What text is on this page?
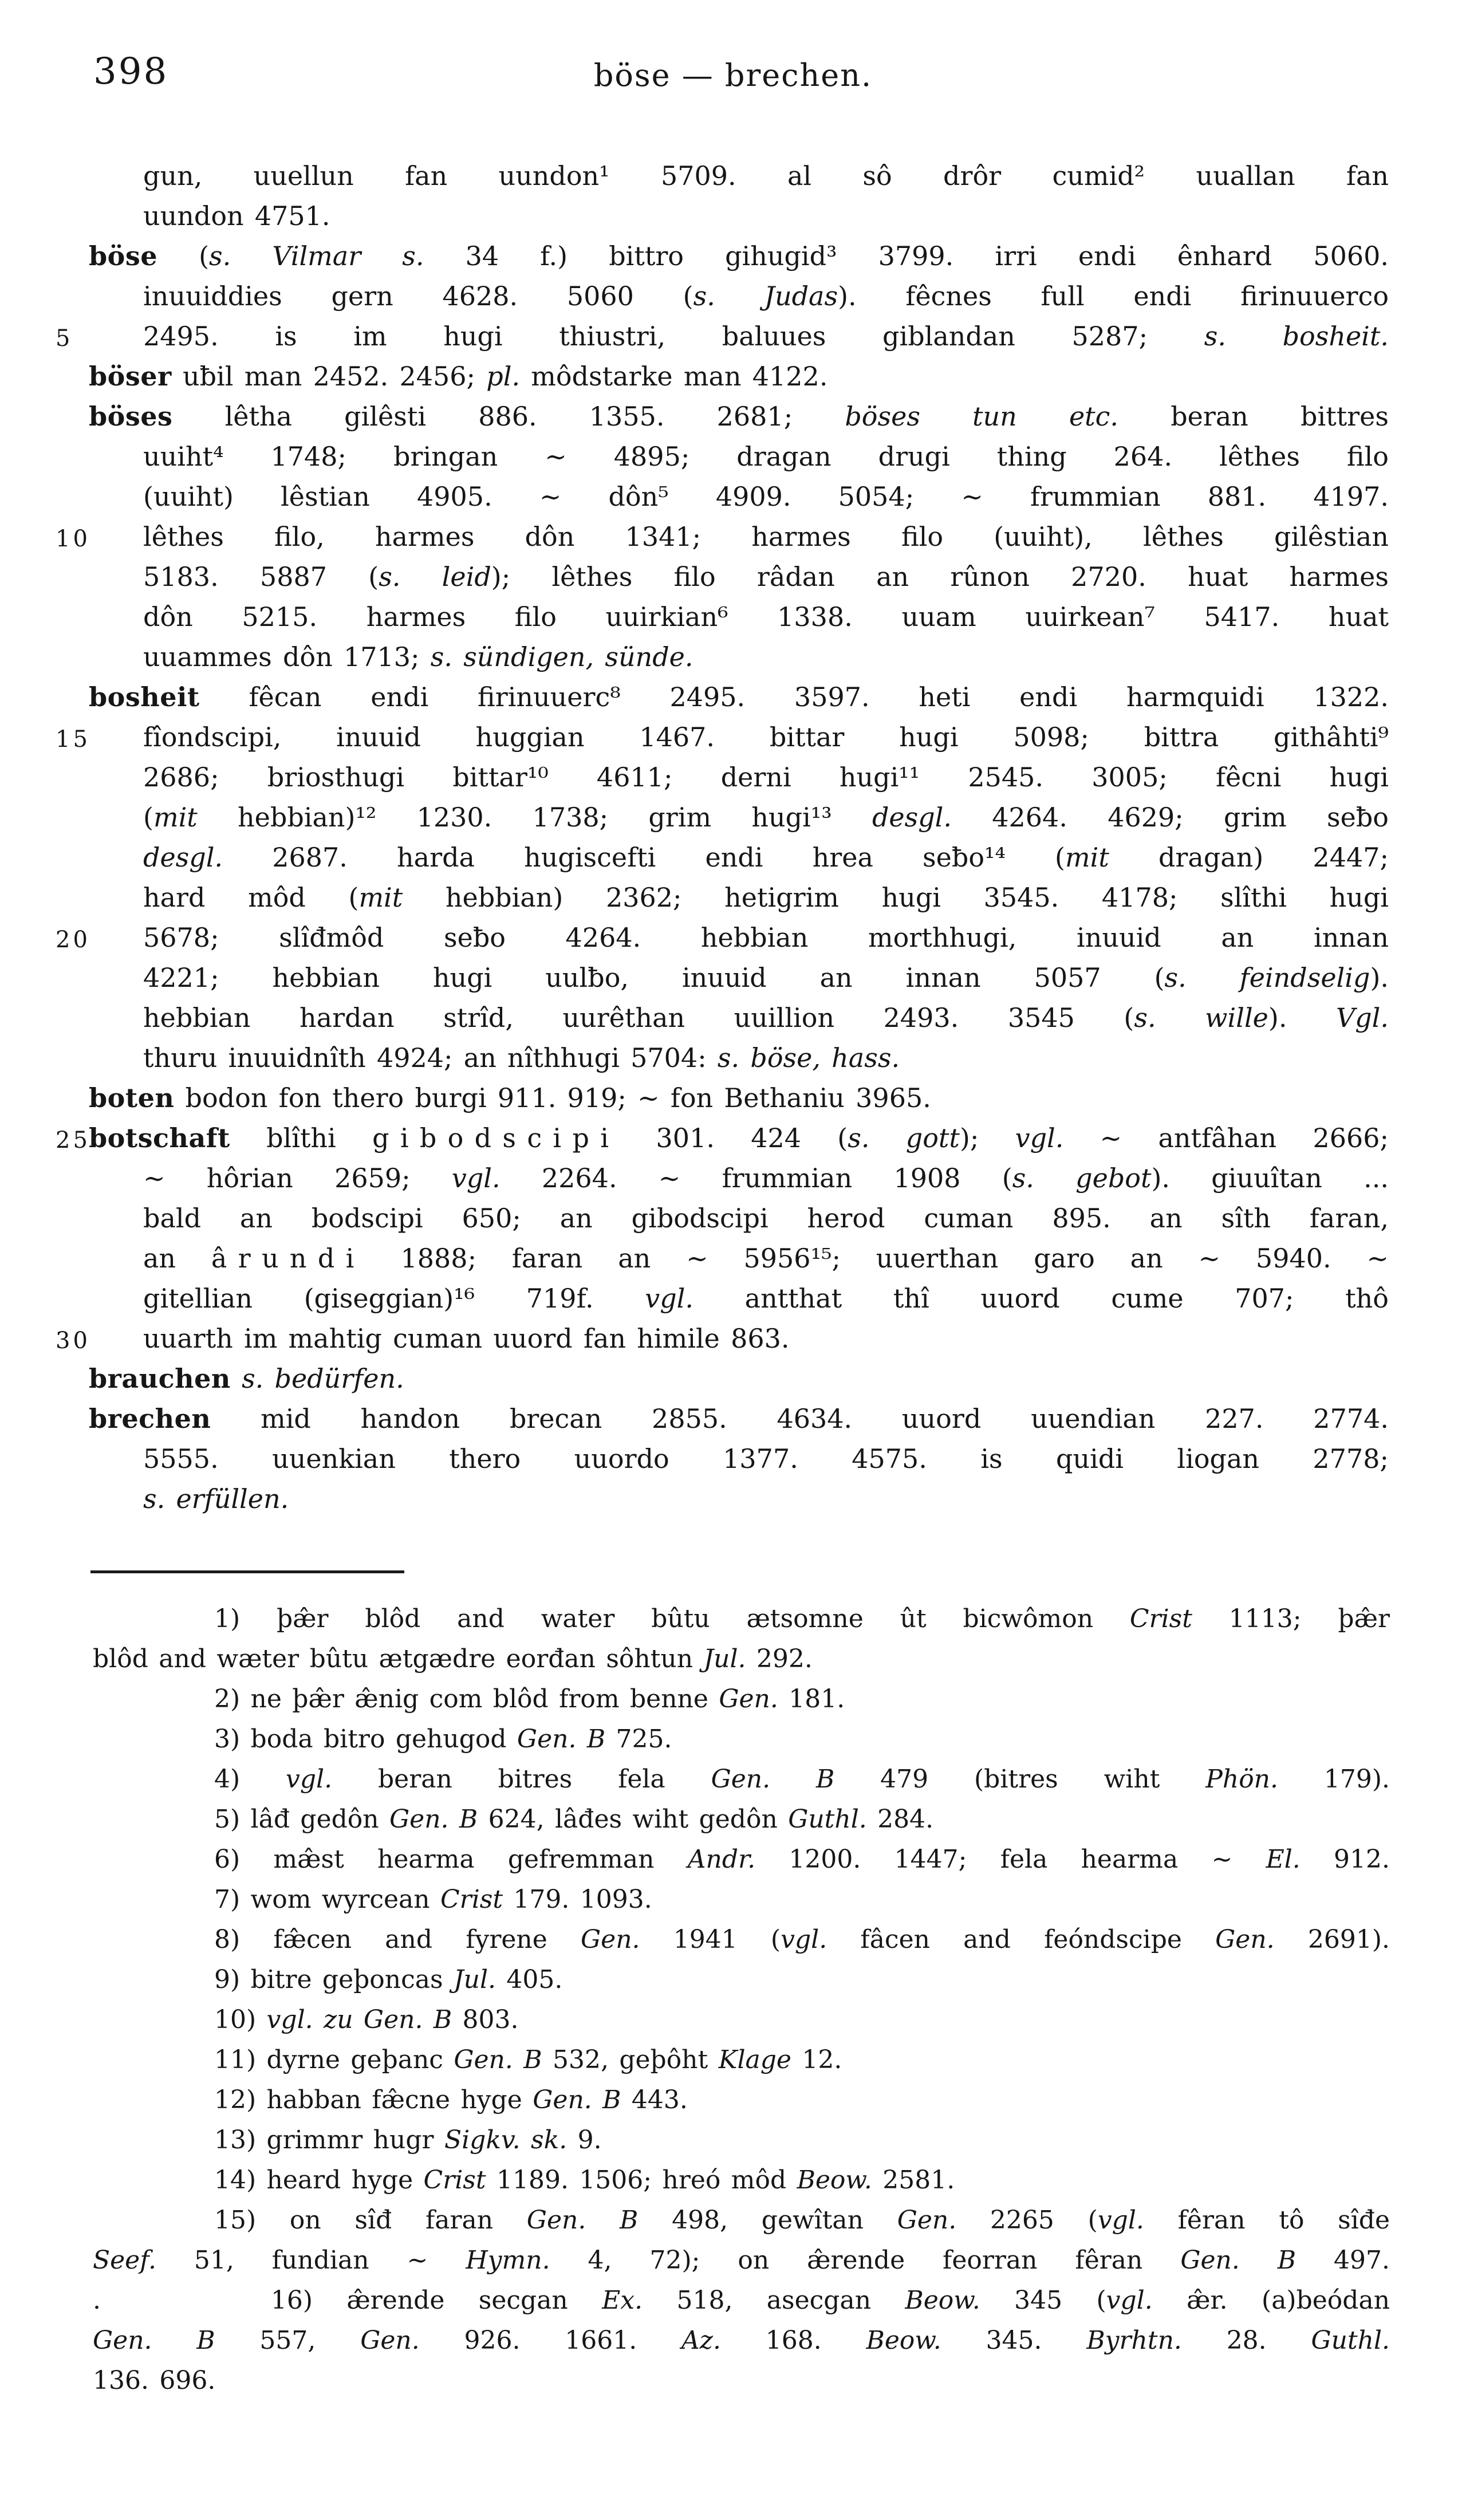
398	böse — brechen.
gun, uuellun fan uundon¹ 5709. al sô drôr cumid² uuallan fan
uundon 4751.
böse (s. Vilmar s. 34 f.) bittro gihugid³ 3799. irri endi ênhard 5060.
inuuiddies gern 4628. 5060 (s. Judas). fêcnes full endi firinuuerco
5	2495. is im hugi thiustri, baluues giblandan 5287; s. bosheit.
böser uƀil man 2452. 2456; pl. môdstarke man 4122.
böses lêtha gilêsti 886. 1355. 2681; böses tun etc. beran bittres
uuiht⁴ 1748; bringan ∼ 4895; dragan drugi thing 264. lêthes filo
(uuiht) lêstian 4905. ∼ dôn⁵ 4909. 5054; ∼ frummian 881. 4197.
10 lêthes filo, harmes dôn 1341; harmes filo (uuiht), lêthes gilêstian
5183. 5887 (s. leid); lêthes filo râdan an rûnon 2720. huat harmes
dôn 5215. harmes filo uuirkian⁶ 1338. uuam uuirkean⁷ 5417. huat
uuammes dôn 1713; s. sündigen, sünde.
bosheit fêcan endi firinuuerc⁸ 2495. 3597. heti endi harmquidi 1322.
15 fîondscipi, inuuid huggian 1467. bittar hugi 5098; bittra githâhti⁹
2686; briosthugi bittar¹⁰ 4611; derni hugi¹¹ 2545. 3005; fêcni hugi
(mit hebbian)¹² 1230. 1738; grim hugi¹³ desgl. 4264. 4629; grim seƀo
desgl. 2687. harda hugiscefti endi hrea seƀo¹⁴ (mit dragan) 2447;
hard môd (mit hebbian) 2362; hetigrim hugi 3545. 4178; slîthi hugi
20 5678; slîđmôd seƀo 4264. hebbian morthhugi, inuuid an innan
4221; hebbian hugi uulƀo, inuuid an innan 5057 (s. feindselig).
hebbian hardan strîd, uurêthan uuillion 2493. 3545 (s. wille). Vgl.
thuru inuuidnîth 4924; an nîthhugi 5704: s. böse, hass.
boten bodon fon thero burgi 911. 919; ∼ fon Bethaniu 3965.
25
botschaft blîthi gibodscipi 301. 424 (s. gott); vgl. ∼ antfâhan 2666;
∼ hôrian 2659; vgl. 2264. ∼ frummian 1908 (s. gebot). giuuîtan ...
bald an bodscipi 650; an gibodscipi herod cuman 895. an sîth faran,
an ârundi 1888; faran an ∼ 5956¹⁵; uuerthan garo an ∼ 5940. ∼
gitellian (giseggian)¹⁶ 719f. vgl. antthat thî uuord cume 707; thô
30 uuarth im mahtig cuman uuord fan himile 863.
brauchen s. bedürfen.
brechen mid handon brecan 2855. 4634. uuord uuendian 227. 2774.
5555. uuenkian thero uuordo 1377. 4575. is quidi liogan 2778;
s. erfüllen.
1) þæ̂r blôd and water bûtu ætsomne ût bicwômon Crist 1113; þæ̂r
blôd and wæter bûtu ætgædre eorđan sôhtun Jul. 292.
2) ne þæ̂r æ̂nig com blôd from benne Gen. 181.
3) boda bitro gehugod Gen. B 725.
4) vgl. beran bitres fela Gen. B 479 (bitres wiht Phön. 179).
5) lâđ gedôn Gen. B 624, lâđes wiht gedôn Guthl. 284.
6) mæ̂st hearma gefremman Andr. 1200. 1447; fela hearma ∼ El. 912.
7) wom wyrcean Crist 179. 1093.
8) fæ̂cen and fyrene Gen. 1941 (vgl. fâcen and feóndscipe Gen. 2691).
9) bitre geþoncas Jul. 405.
10) vgl. zu Gen. B 803.
11) dyrne geþanc Gen. B 532, geþôht Klage 12.
12) habban fæ̂cne hyge Gen. B 443.
13) grimmr hugr Sigkv. sk. 9.
14) heard hyge Crist 1189. 1506; hreó môd Beow. 2581.
15) on sîđ faran Gen. B 498, gewîtan Gen. 2265 (vgl. fêran tô sîđe
Seef. 51, fundian ∼ Hymn. 4, 72); on æ̂rende feorran fêran Gen. B 497.
.     16) æ̂rende secgan Ex. 518, asecgan Beow. 345 (vgl. æ̂r. (a)beódan
Gen. B 557, Gen. 926. 1661. Az. 168. Beow. 345. Byrhtn. 28. Guthl.
136. 696.
